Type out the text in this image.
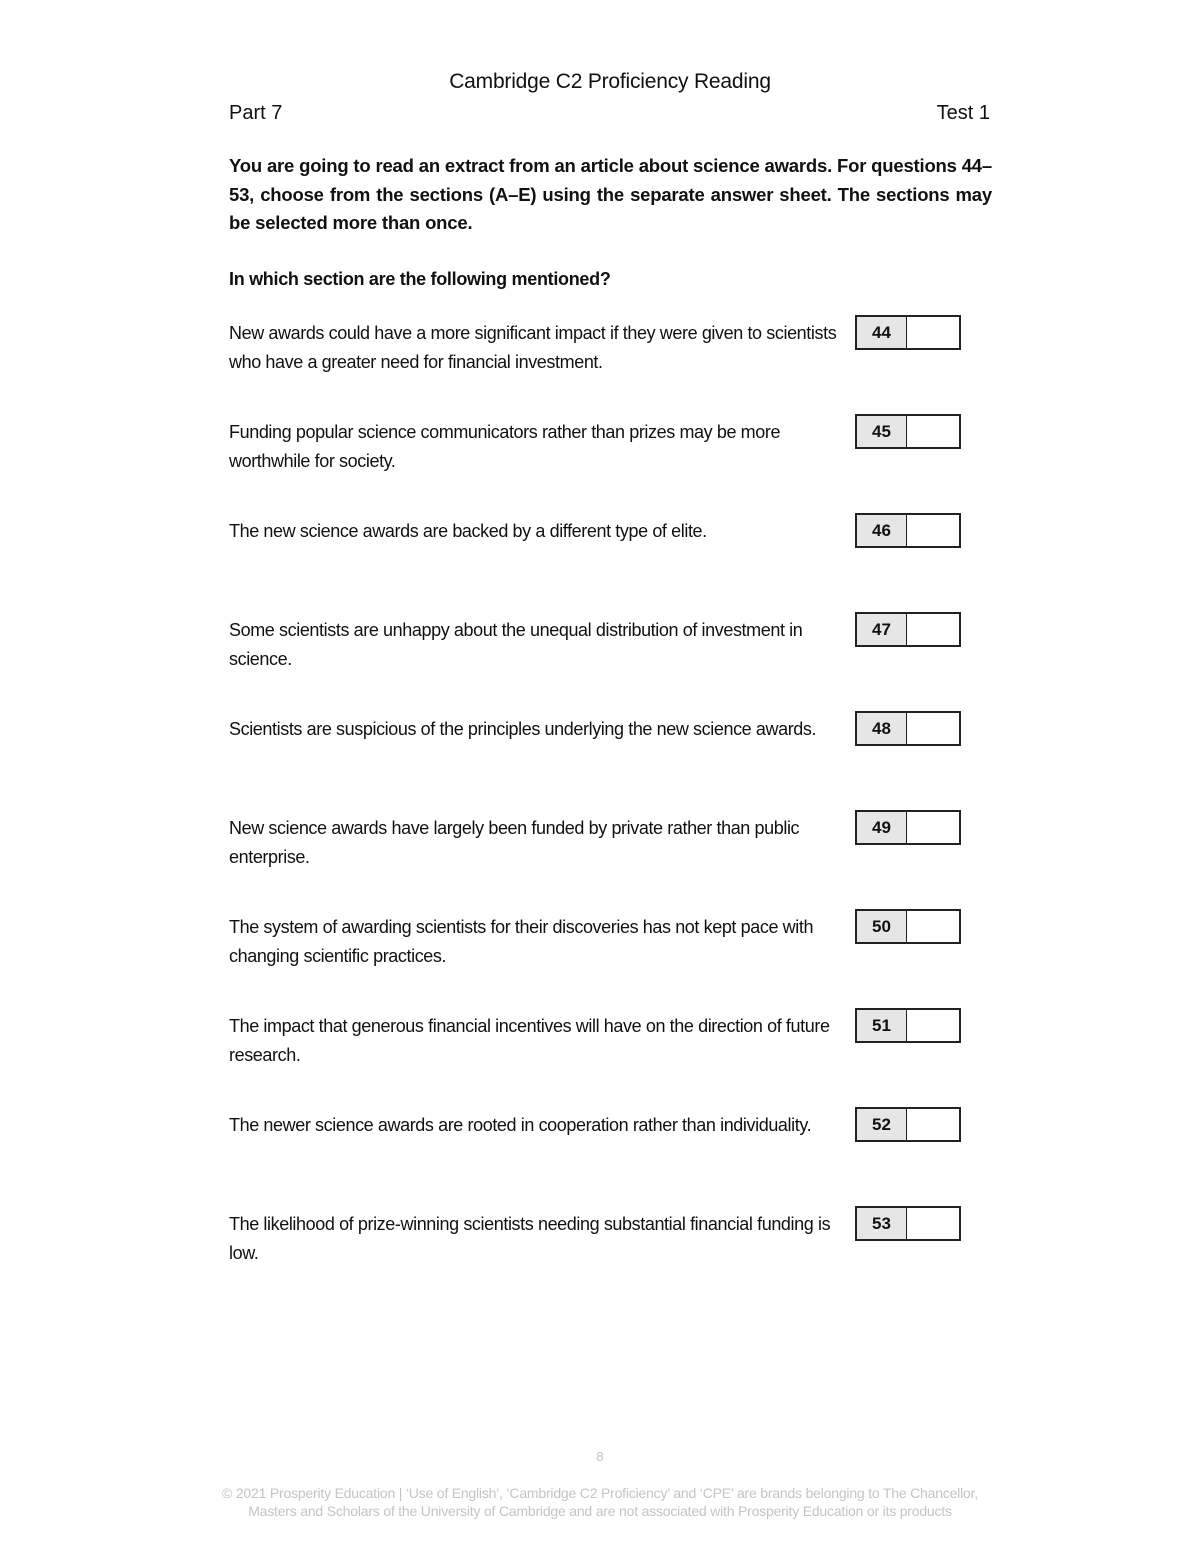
Cambridge C2 Proficiency Reading
Part 7	Test 1
You are going to read an extract from an article about science awards. For questions 44–53, choose from the sections (A–E) using the separate answer sheet. The sections may be selected more than once.
In which section are the following mentioned?
New awards could have a more significant impact if they were given to scientists who have a greater need for financial investment.
44
Funding popular science communicators rather than prizes may be more worthwhile for society.
45
The new science awards are backed by a different type of elite.	46
Some scientists are unhappy about the unequal distribution of investment in science.
47
Scientists are suspicious of the principles underlying the new science awards.	48
New science awards have largely been funded by private rather than public enterprise.
49
The system of awarding scientists for their discoveries has not kept pace with changing scientific practices.
50
The impact that generous financial incentives will have on the direction of future research.
51
The newer science awards are rooted in cooperation rather than individuality.	52
The likelihood of prize-winning scientists needing substantial financial funding is low.
53
8
© 2021 Prosperity Education | ‘Use of English’, ‘Cambridge C2 Proficiency’ and ‘CPE’ are brands belonging to The Chancellor,
Masters and Scholars of the University of Cambridge and are not associated with Prosperity Education or its products
